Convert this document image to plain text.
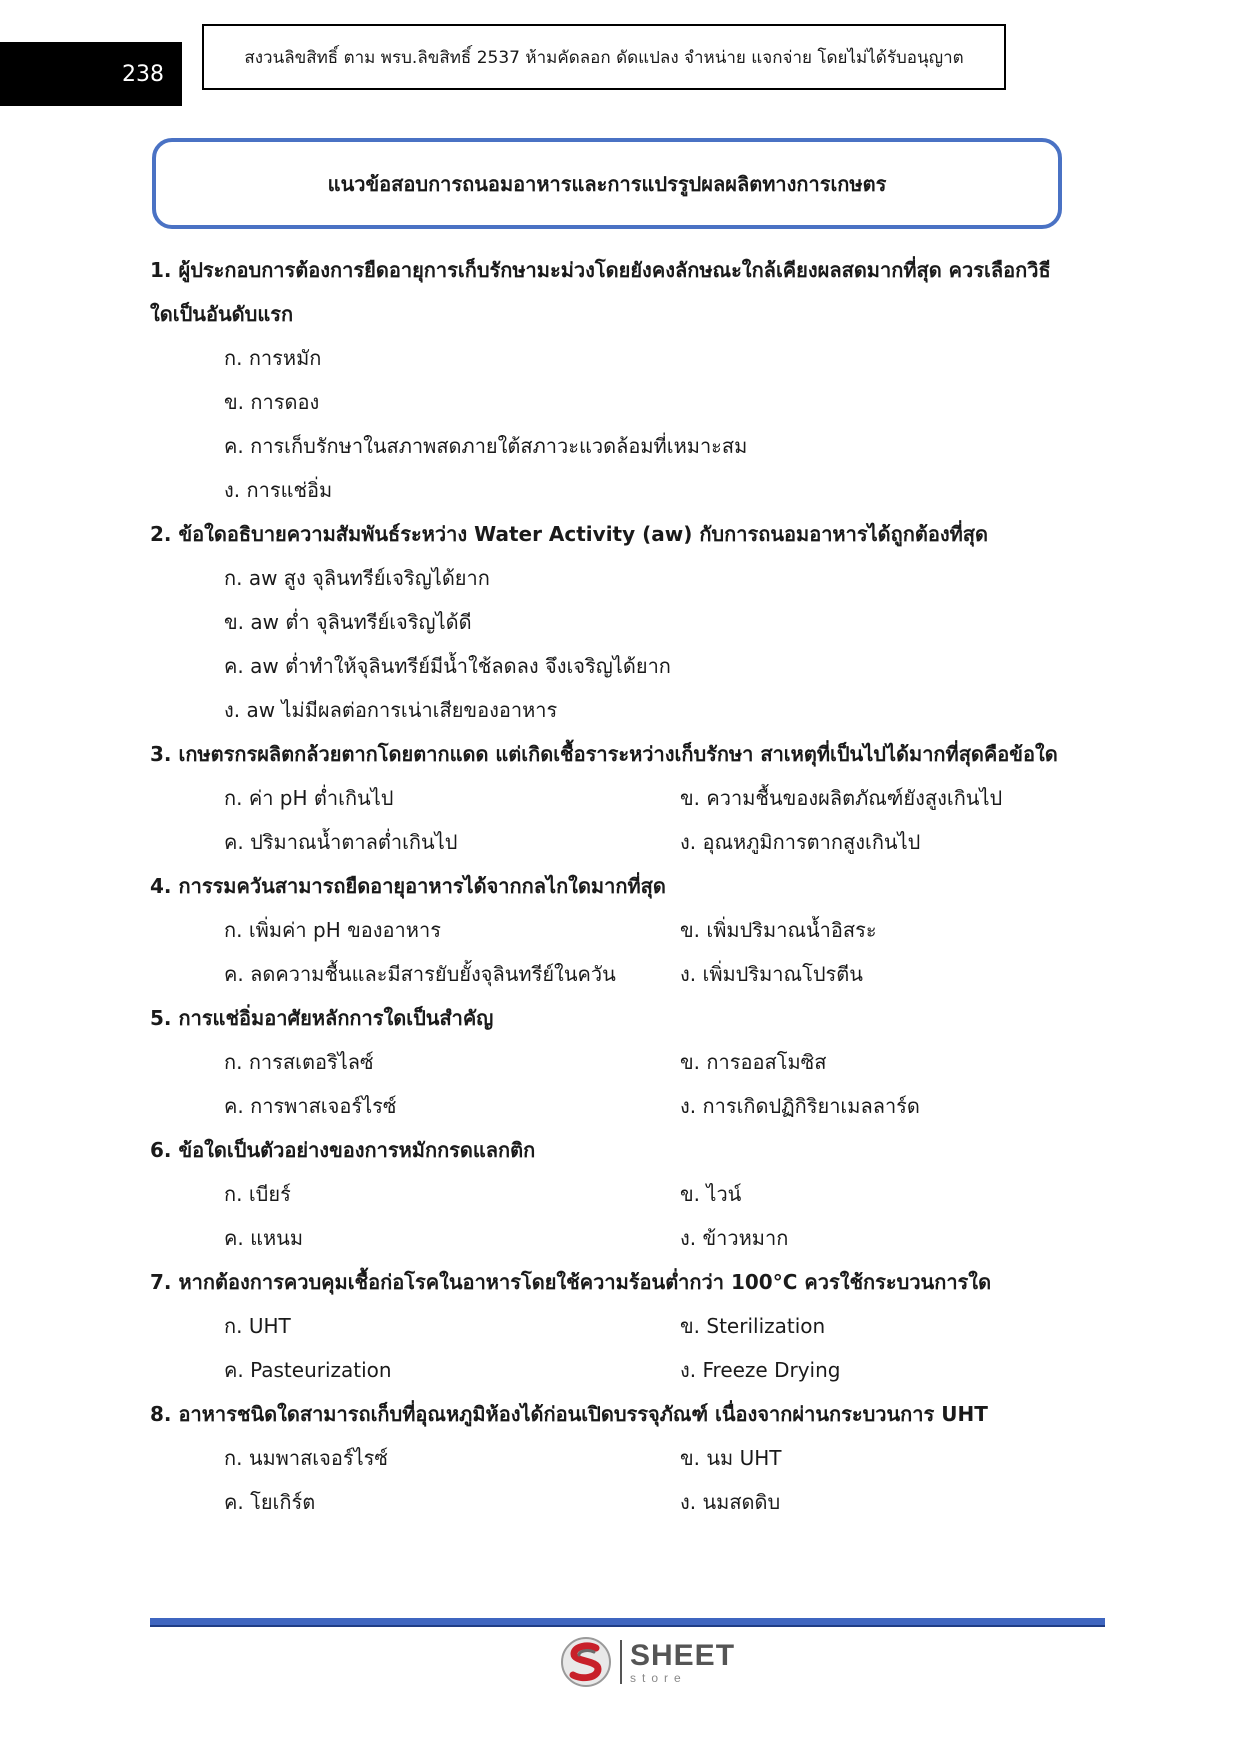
238
สงวนลิขสิทธิ์ ตาม พรบ.ลิขสิทธิ์ 2537 ห้ามคัดลอก ดัดแปลง จำหน่าย แจกจ่าย โดยไม่ได้รับอนุญาต
แนวข้อสอบการถนอมอาหารและการแปรรูปผลผลิตทางการเกษตร

1. ผู้ประกอบการต้องการยืดอายุการเก็บรักษามะม่วงโดยยังคงลักษณะใกล้เคียงผลสดมากที่สุด ควรเลือกวิธีใดเป็นอันดับแรก

ก. การหมัก
ข. การดอง
ค. การเก็บรักษาในสภาพสดภายใต้สภาวะแวดล้อมที่เหมาะสม
ง. การแช่อิ่ม

2. ข้อใดอธิบายความสัมพันธ์ระหว่าง Water Activity (aw) กับการถนอมอาหารได้ถูกต้องที่สุด

ก. aw สูง จุลินทรีย์เจริญได้ยาก
ข. aw ต่ำ จุลินทรีย์เจริญได้ดี
ค. aw ต่ำทำให้จุลินทรีย์มีน้ำใช้ลดลง จึงเจริญได้ยาก
ง. aw ไม่มีผลต่อการเน่าเสียของอาหาร

3. เกษตรกรผลิตกล้วยตากโดยตากแดด แต่เกิดเชื้อราระหว่างเก็บรักษา สาเหตุที่เป็นไปได้มากที่สุดคือข้อใด

ก. ค่า pH ต่ำเกินไป	ข. ความชื้นของผลิตภัณฑ์ยังสูงเกินไป
ค. ปริมาณน้ำตาลต่ำเกินไป	ง. อุณหภูมิการตากสูงเกินไป

4. การรมควันสามารถยืดอายุอาหารได้จากกลไกใดมากที่สุด

ก. เพิ่มค่า pH ของอาหาร	ข. เพิ่มปริมาณน้ำอิสระ
ค. ลดความชื้นและมีสารยับยั้งจุลินทรีย์ในควัน	ง. เพิ่มปริมาณโปรตีน

5. การแช่อิ่มอาศัยหลักการใดเป็นสำคัญ

ก. การสเตอริไลซ์	ข. การออสโมซิส
ค. การพาสเจอร์ไรซ์	ง. การเกิดปฏิกิริยาเมลลาร์ด

6. ข้อใดเป็นตัวอย่างของการหมักกรดแลกติก

ก. เบียร์	ข. ไวน์
ค. แหนม	ง. ข้าวหมาก

7. หากต้องการควบคุมเชื้อก่อโรคในอาหารโดยใช้ความร้อนต่ำกว่า 100°C ควรใช้กระบวนการใด

ก. UHT	ข. Sterilization
ค. Pasteurization	ง. Freeze Drying

8. อาหารชนิดใดสามารถเก็บที่อุณหภูมิห้องได้ก่อนเปิดบรรจุภัณฑ์ เนื่องจากผ่านกระบวนการ UHT

ก. นมพาสเจอร์ไรซ์	ข. นม UHT
ค. โยเกิร์ต	ง. นมสดดิบ
SHEET
store
